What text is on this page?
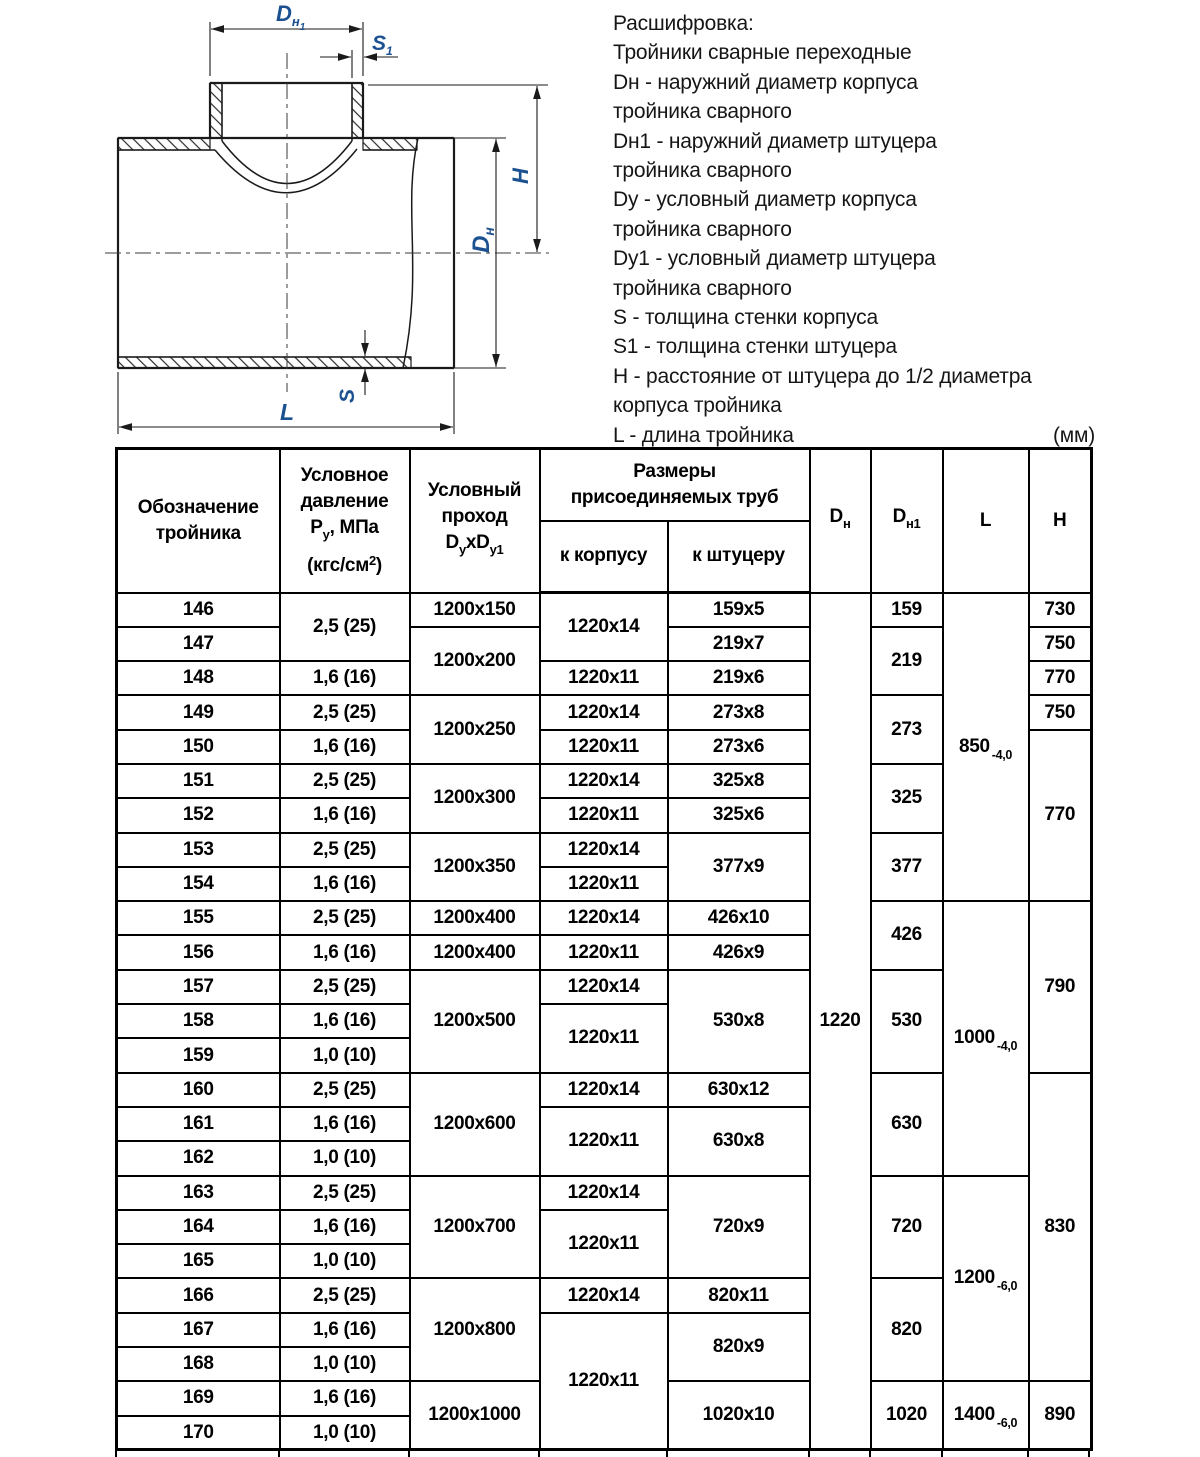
$D_н1$
$S_1$
H
$D_н$
S
L
Расшифровка:
Тройники сварные переходные
Dн - наружний диаметр корпуса
тройника сварного
Dн1 - наружний диаметр штуцера
тройника сварного
Dy - условный диаметр корпуса
тройника сварного
Dy1 - условный диаметр штуцера
тройника сварного
S - толщина стенки корпуса
S1 - толщина стенки штуцера
H - расстояние от штуцера до 1/2 диаметра
корпуса тройника
L - длина тройника	(мм)
Обозначение
тройника

Условное
давление
$P_у$, МПа
$(кгс/см^2)$

Условный
проход
$D_yxD_{y1}$

Размеры
присоединяемых труб
	$D_н$	$D_{н1}$	L	H
			к корпусу	к штуцеру				
146	2,5 (25)	1200x150	1220x14	159x5	1220	159	850 $_{-4,0}$	730
147		1200x200		219x7		219		750
148	1,6 (16)		1220x11	219x6				770
149	2,5 (25)	1200x250	1220x14	273x8		273		750
150	1,6 (16)		1220x11	273x6				770
151	2,5 (25)	1200x300	1220x14	325x8		325		
152	1,6 (16)		1220x11	325x6				
153	2,5 (25)	1200x350	1220x14	377x9		377		
154	1,6 (16)		1220x11					
155	2,5 (25)	1200x400	1220x14	426x10		426	1000 $_{-4,0}$	790
156	1,6 (16)	1200x400	1220x11	426x9				
157	2,5 (25)	1200x500	1220x14	530x8		530		
158	1,6 (16)		1220x11					
159	1,0 (10)							
160	2,5 (25)	1200x600	1220x14	630x12		630		830
161	1,6 (16)		1220x11	630x8				
162	1,0 (10)							
163	2,5 (25)	1200x700	1220x14	720x9		720	1200 $_{-6,0}$
164	1,6 (16)		1220x11					
165	1,0 (10)							
166	2,5 (25)	1200x800	1220x14	820x11		820		
167	1,6 (16)		1220x11	820x9				
168	1,0 (10)							
169	1,6 (16)	1200x1000		1020x10		1020	1400 $_{-6,0}$	890
170	1,0 (10)							
